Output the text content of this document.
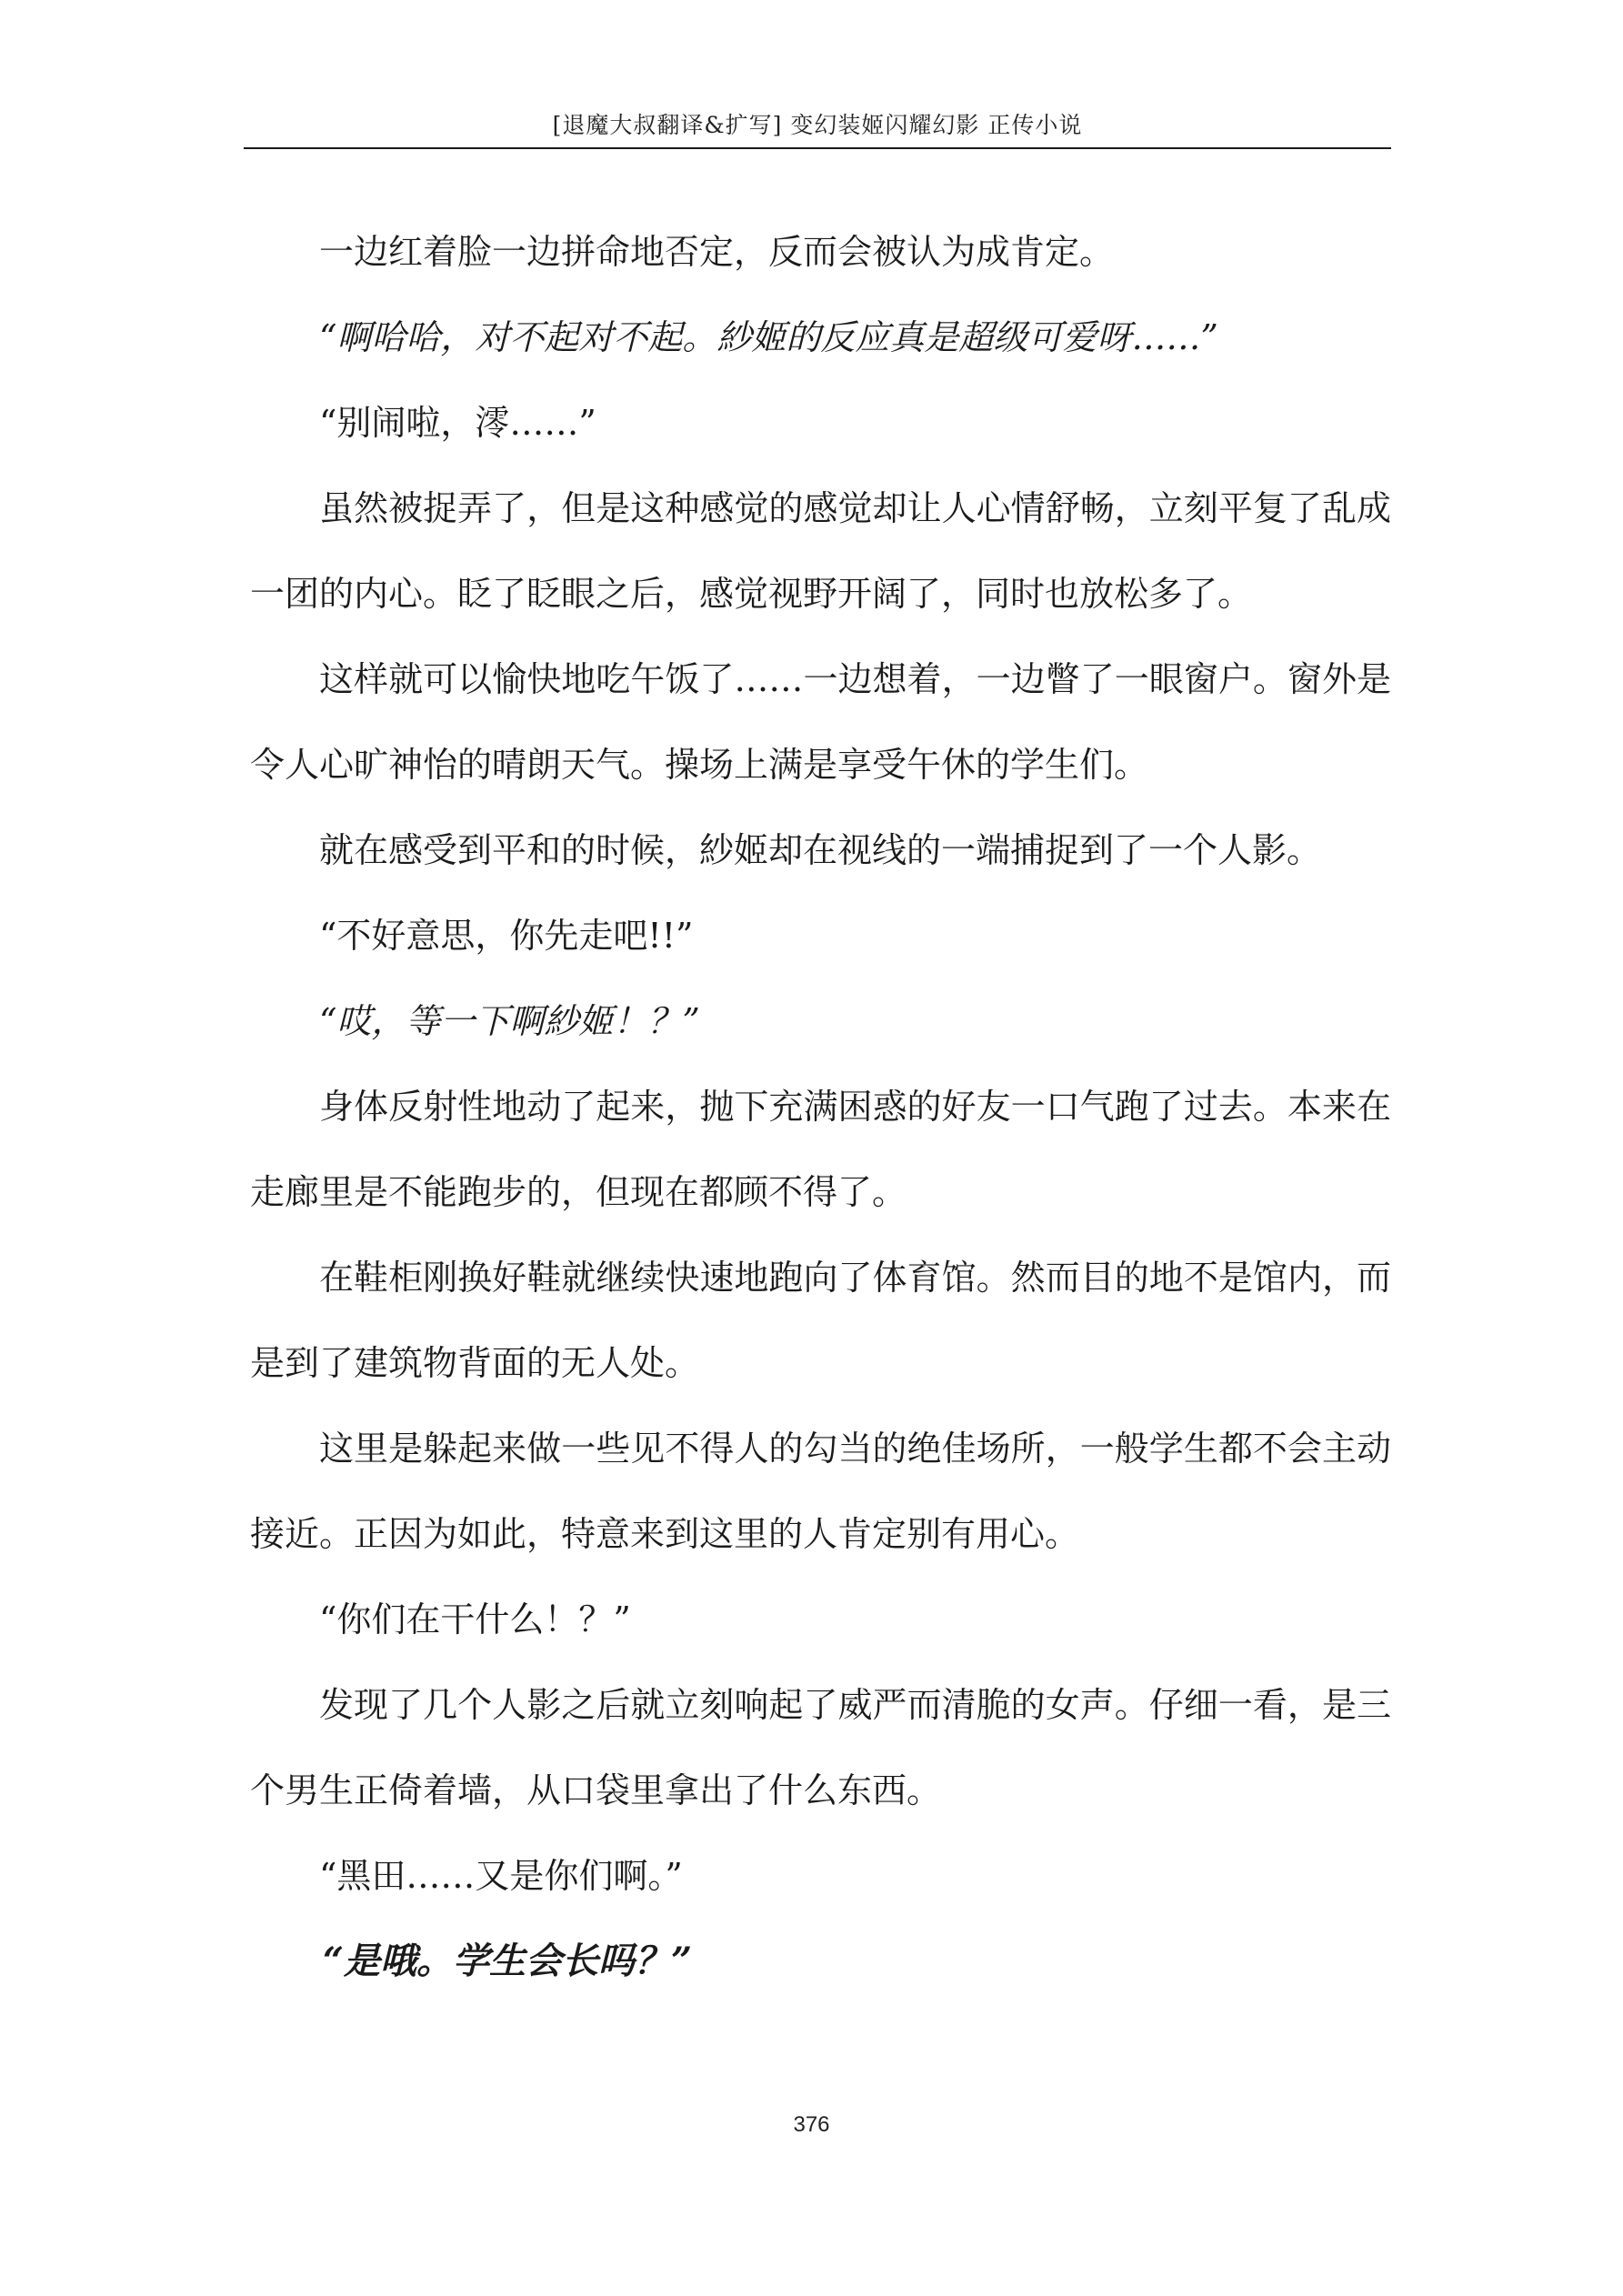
[退魔大叔翻译&扩写] 变幻装姬闪耀幻影 正传小说

一边红着脸一边拼命地否定，反而会被认为成肯定。

“啊哈哈，对不起对不起。紗姬的反应真是超级可爱呀……”

“别闹啦，澪……”

虽然被捉弄了，但是这种感觉的感觉却让人心情舒畅，立刻平复了乱成一团的内心。眨了眨眼之后，感觉视野开阔了，同时也放松多了。

这样就可以愉快地吃午饭了……一边想着，一边瞥了一眼窗户。窗外是令人心旷神怡的晴朗天气。操场上满是享受午休的学生们。

就在感受到平和的时候，紗姬却在视线的一端捕捉到了一个人影。

“不好意思，你先走吧!!”

“哎，等一下啊紗姬！？”

身体反射性地动了起来，抛下充满困惑的好友一口气跑了过去。本来在走廊里是不能跑步的，但现在都顾不得了。

在鞋柜刚换好鞋就继续快速地跑向了体育馆。然而目的地不是馆内，而是到了建筑物背面的无人处。

这里是躲起来做一些见不得人的勾当的绝佳场所，一般学生都不会主动接近。正因为如此，特意来到这里的人肯定别有用心。

“你们在干什么！？”

发现了几个人影之后就立刻响起了威严而清脆的女声。仔细一看，是三个男生正倚着墙，从口袋里拿出了什么东西。

“黑田……又是你们啊。”

“是哦。学生会长吗？”

376
